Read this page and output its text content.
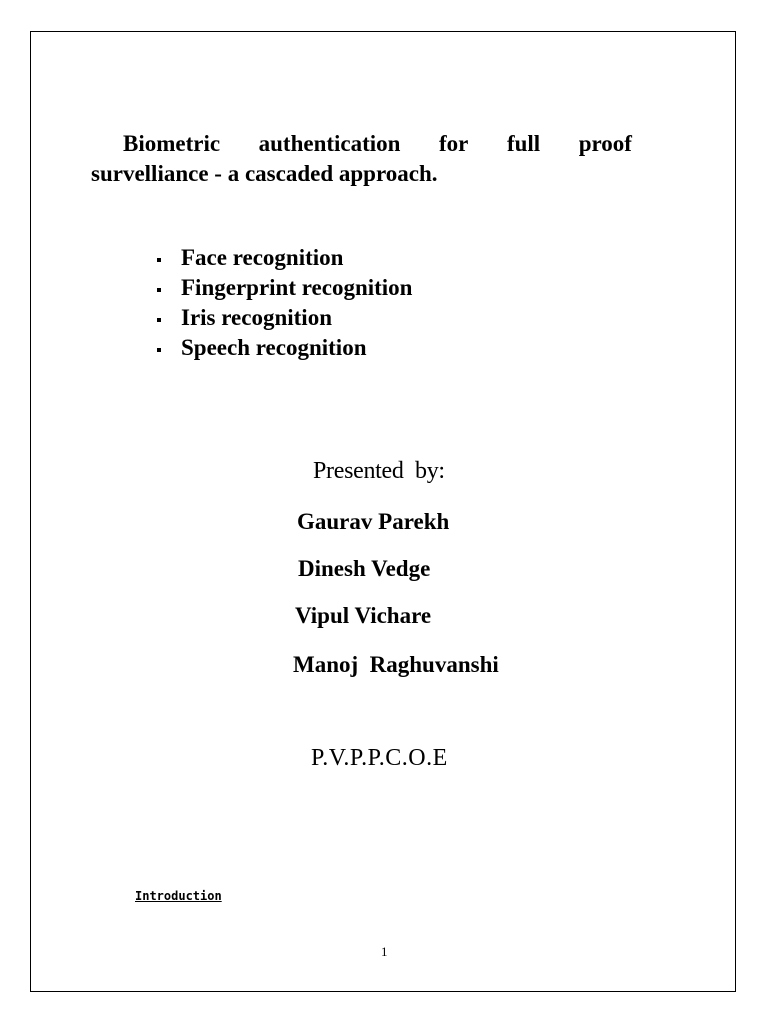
Biometric authentication for full proof
survelliance - a cascaded approach.
Face recognition
Fingerprint recognition
Iris recognition
Speech recognition
Presented  by:
Gaurav Parekh
Dinesh Vedge
Vipul Vichare
Manoj  Raghuvanshi
P.V.P.P.C.O.E
Introduction
1
